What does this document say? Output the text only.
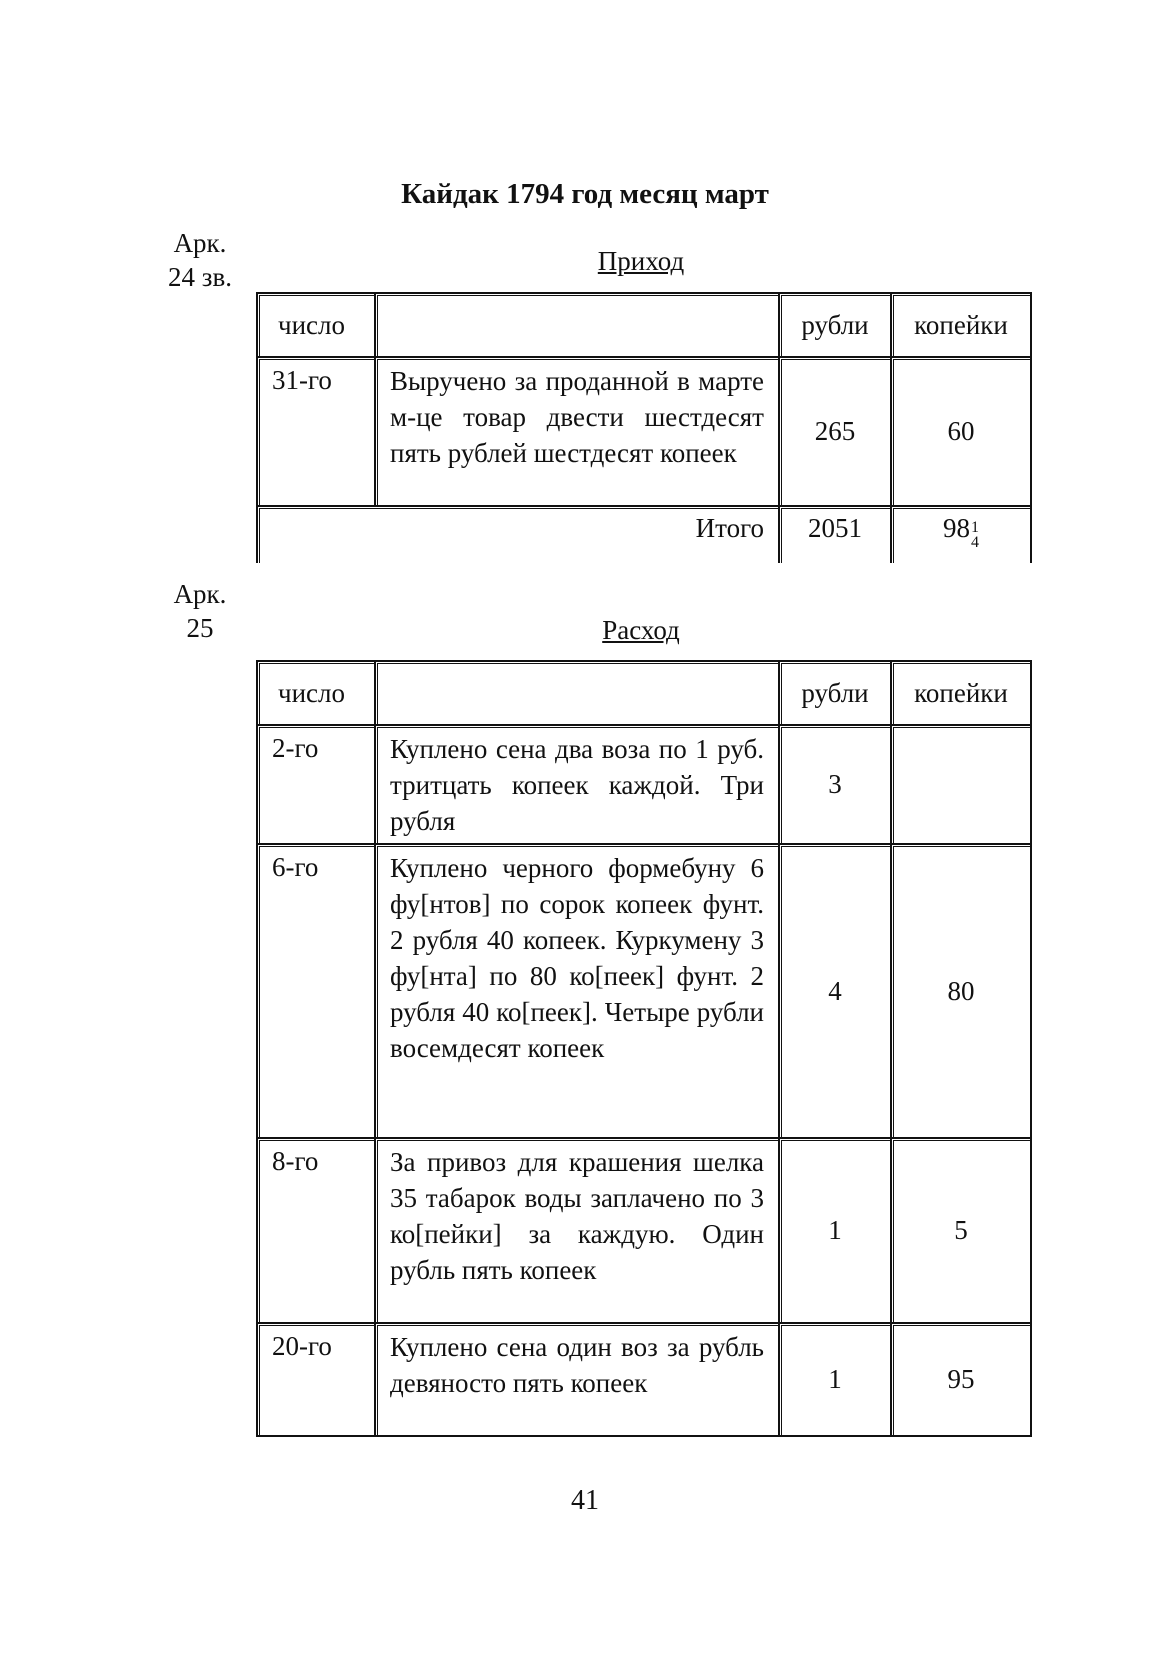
Кайдак 1794 год месяц март
Арк.
24 зв.
Приход
число		рубли	копейки
31-го	Выручено за проданной в марте м-це товар двести шестдесят пять рублей шестдесят копеек	265	60
Итого		2051	98 1
4
Арк.
25	Расход
число		рубли	копейки
2-го	Куплено сена два воза по 1 руб. тритцать копеек каждой. Три рубля	3	
6-го	Куплено черного формебуну 6 фу[нтов] по сорок копеек фунт. 2 рубля 40 копеек. Куркумену 3 фу[нта] по 80 ко[пеек] фунт. 2 рубля 40 ко[пеек]. Четыре рубли восемдесят копеек	4	80
8-го	За привоз для крашения шелка 35 табарок воды заплачено по 3 ко[пейки] за каждую. Один рубль пять копеек	1	5
20-го	Куплено сена один воз за рубль девяносто пять копеек	1	95
41
